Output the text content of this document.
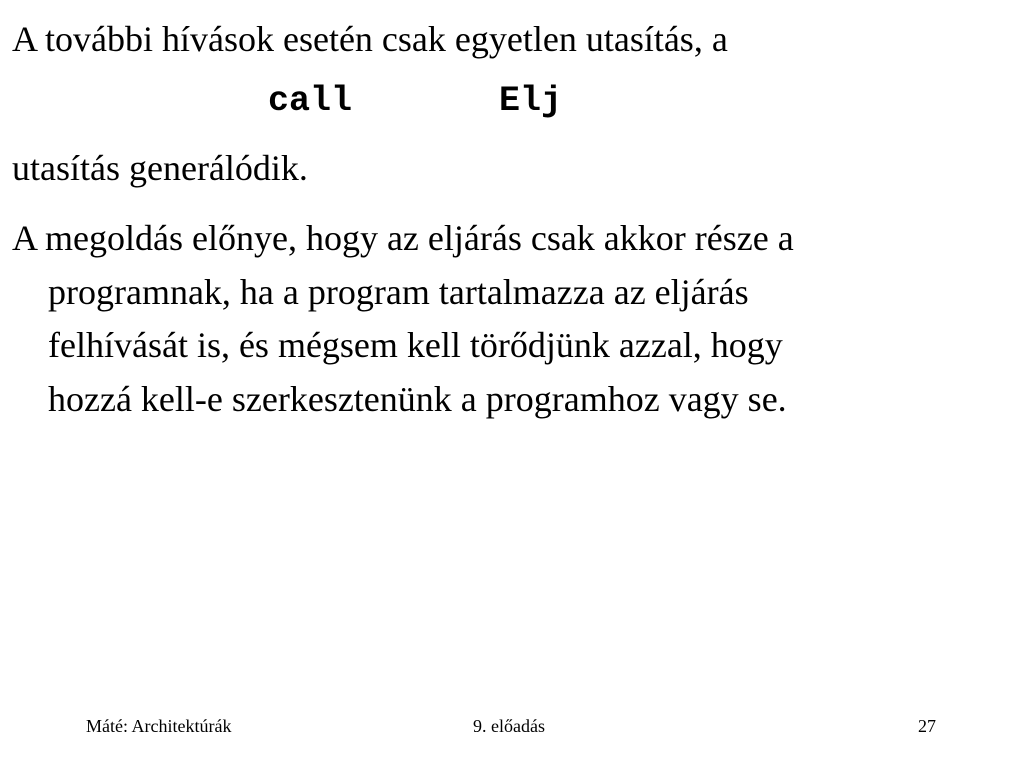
A további hívások esetén csak egyetlen utasítás, a
call	Elj
utasítás generálódik.
A megoldás előnye, hogy az eljárás csak akkor része a
programnak, ha a program tartalmazza az eljárás
felhívását is, és mégsem kell törődjünk azzal, hogy
hozzá kell-e szerkesztenünk a programhoz vagy se.
Máté: Architektúrák	9. előadás	27
